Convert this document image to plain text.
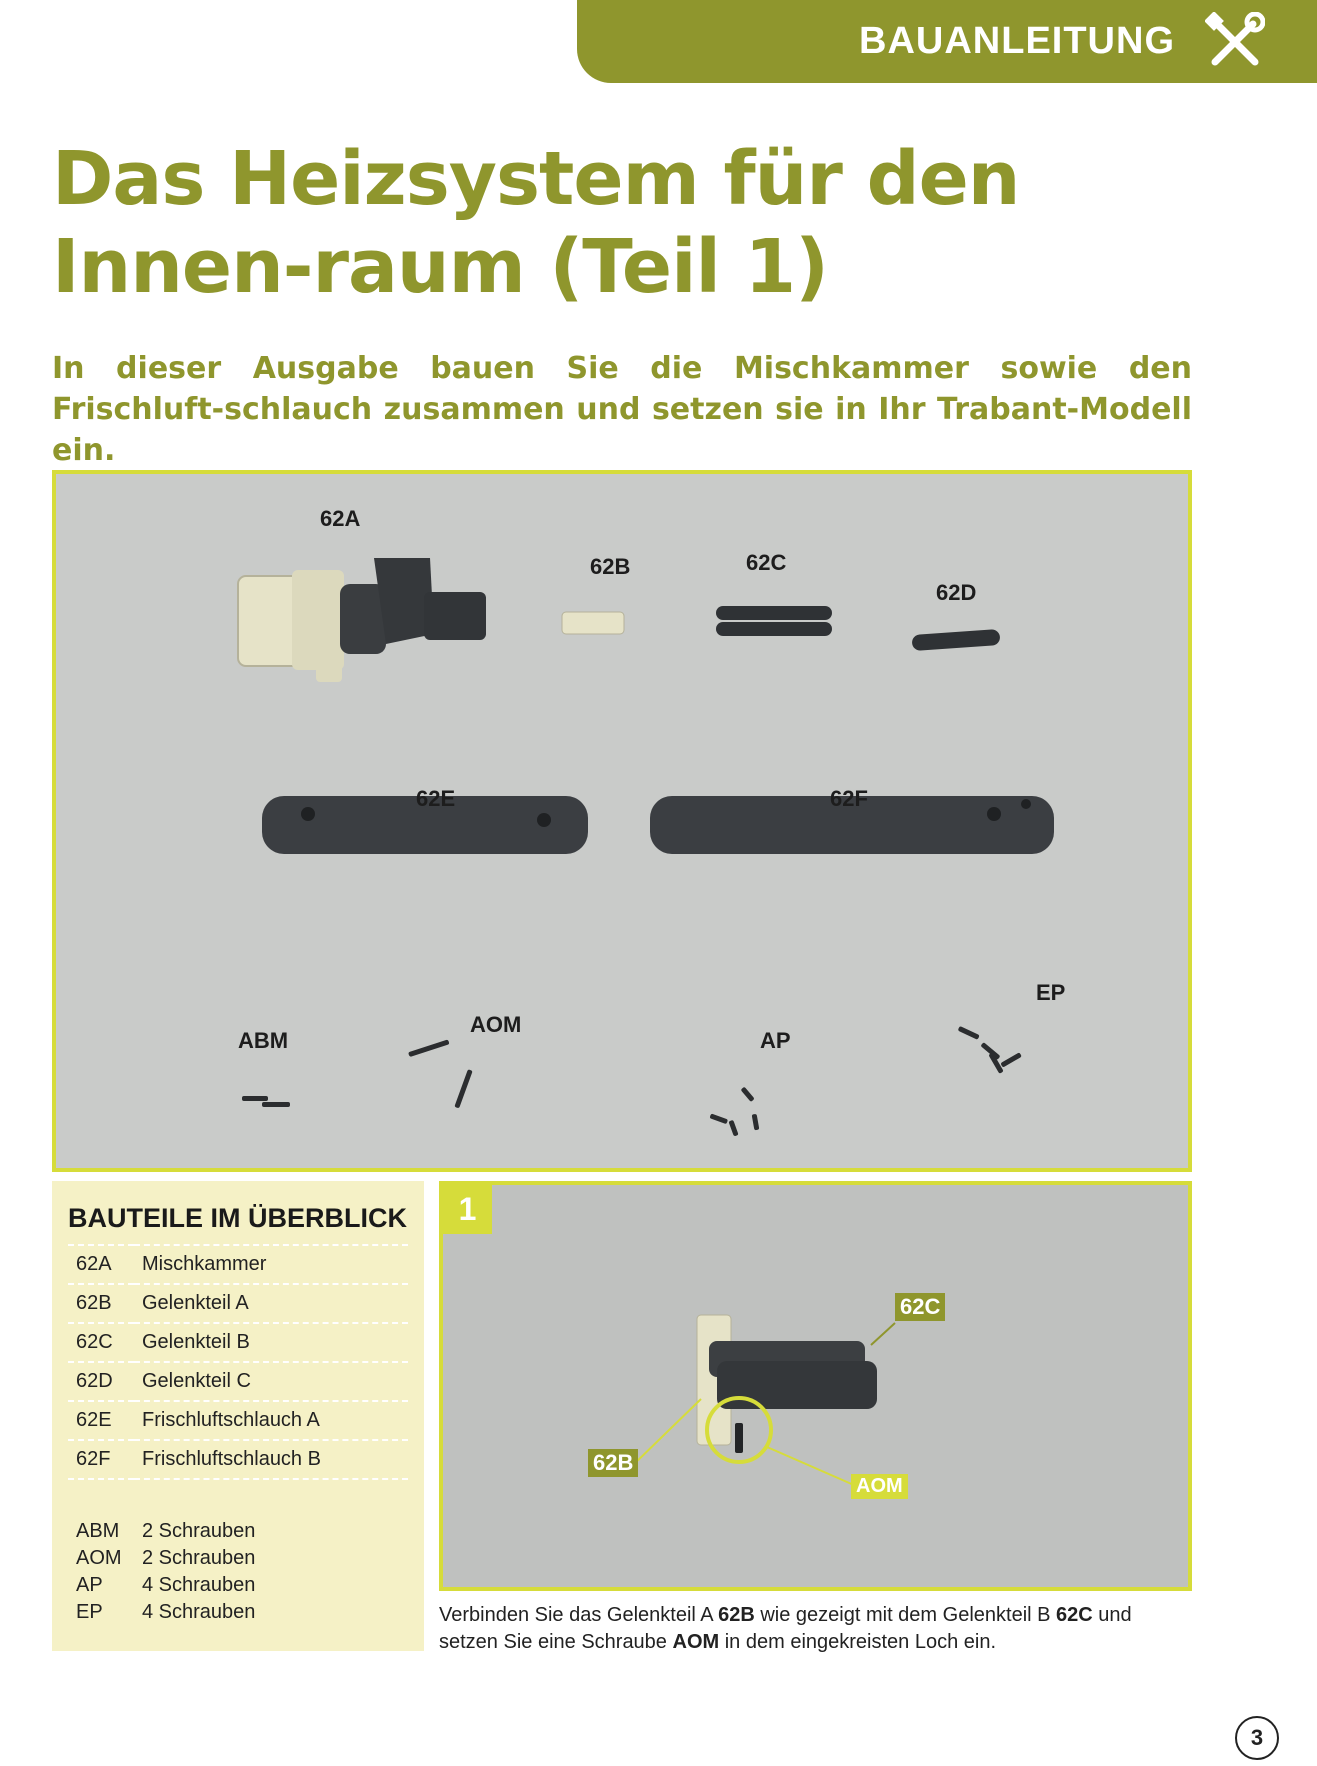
BAUANLEITUNG
Das Heizsystem für den Innen-raum (Teil 1)

In dieser Ausgabe bauen Sie die Mischkammer sowie den Frischluft-schlauch zusammen und setzen sie in Ihr Trabant-Modell ein.

62A
62B	62C
62D
62E	62F
ABM
AOM
AP
EP
BAUTEILE IM ÜBERBLICK
62A	Mischkammer
62B	Gelenkteil A
62C	Gelenkteil B
62D	Gelenkteil C
62E	Frischluftschlauch A
62F	Frischluftschlauch B
ABM	2 Schrauben
AOM	2 Schrauben
AP	4 Schrauben
EP	4 Schrauben
1
62C
62B
AOM

Verbinden Sie das Gelenkteil A 62B wie gezeigt mit dem Gelenkteil B 62C und setzen Sie eine Schraube AOM in dem eingekreisten Loch ein.

3
